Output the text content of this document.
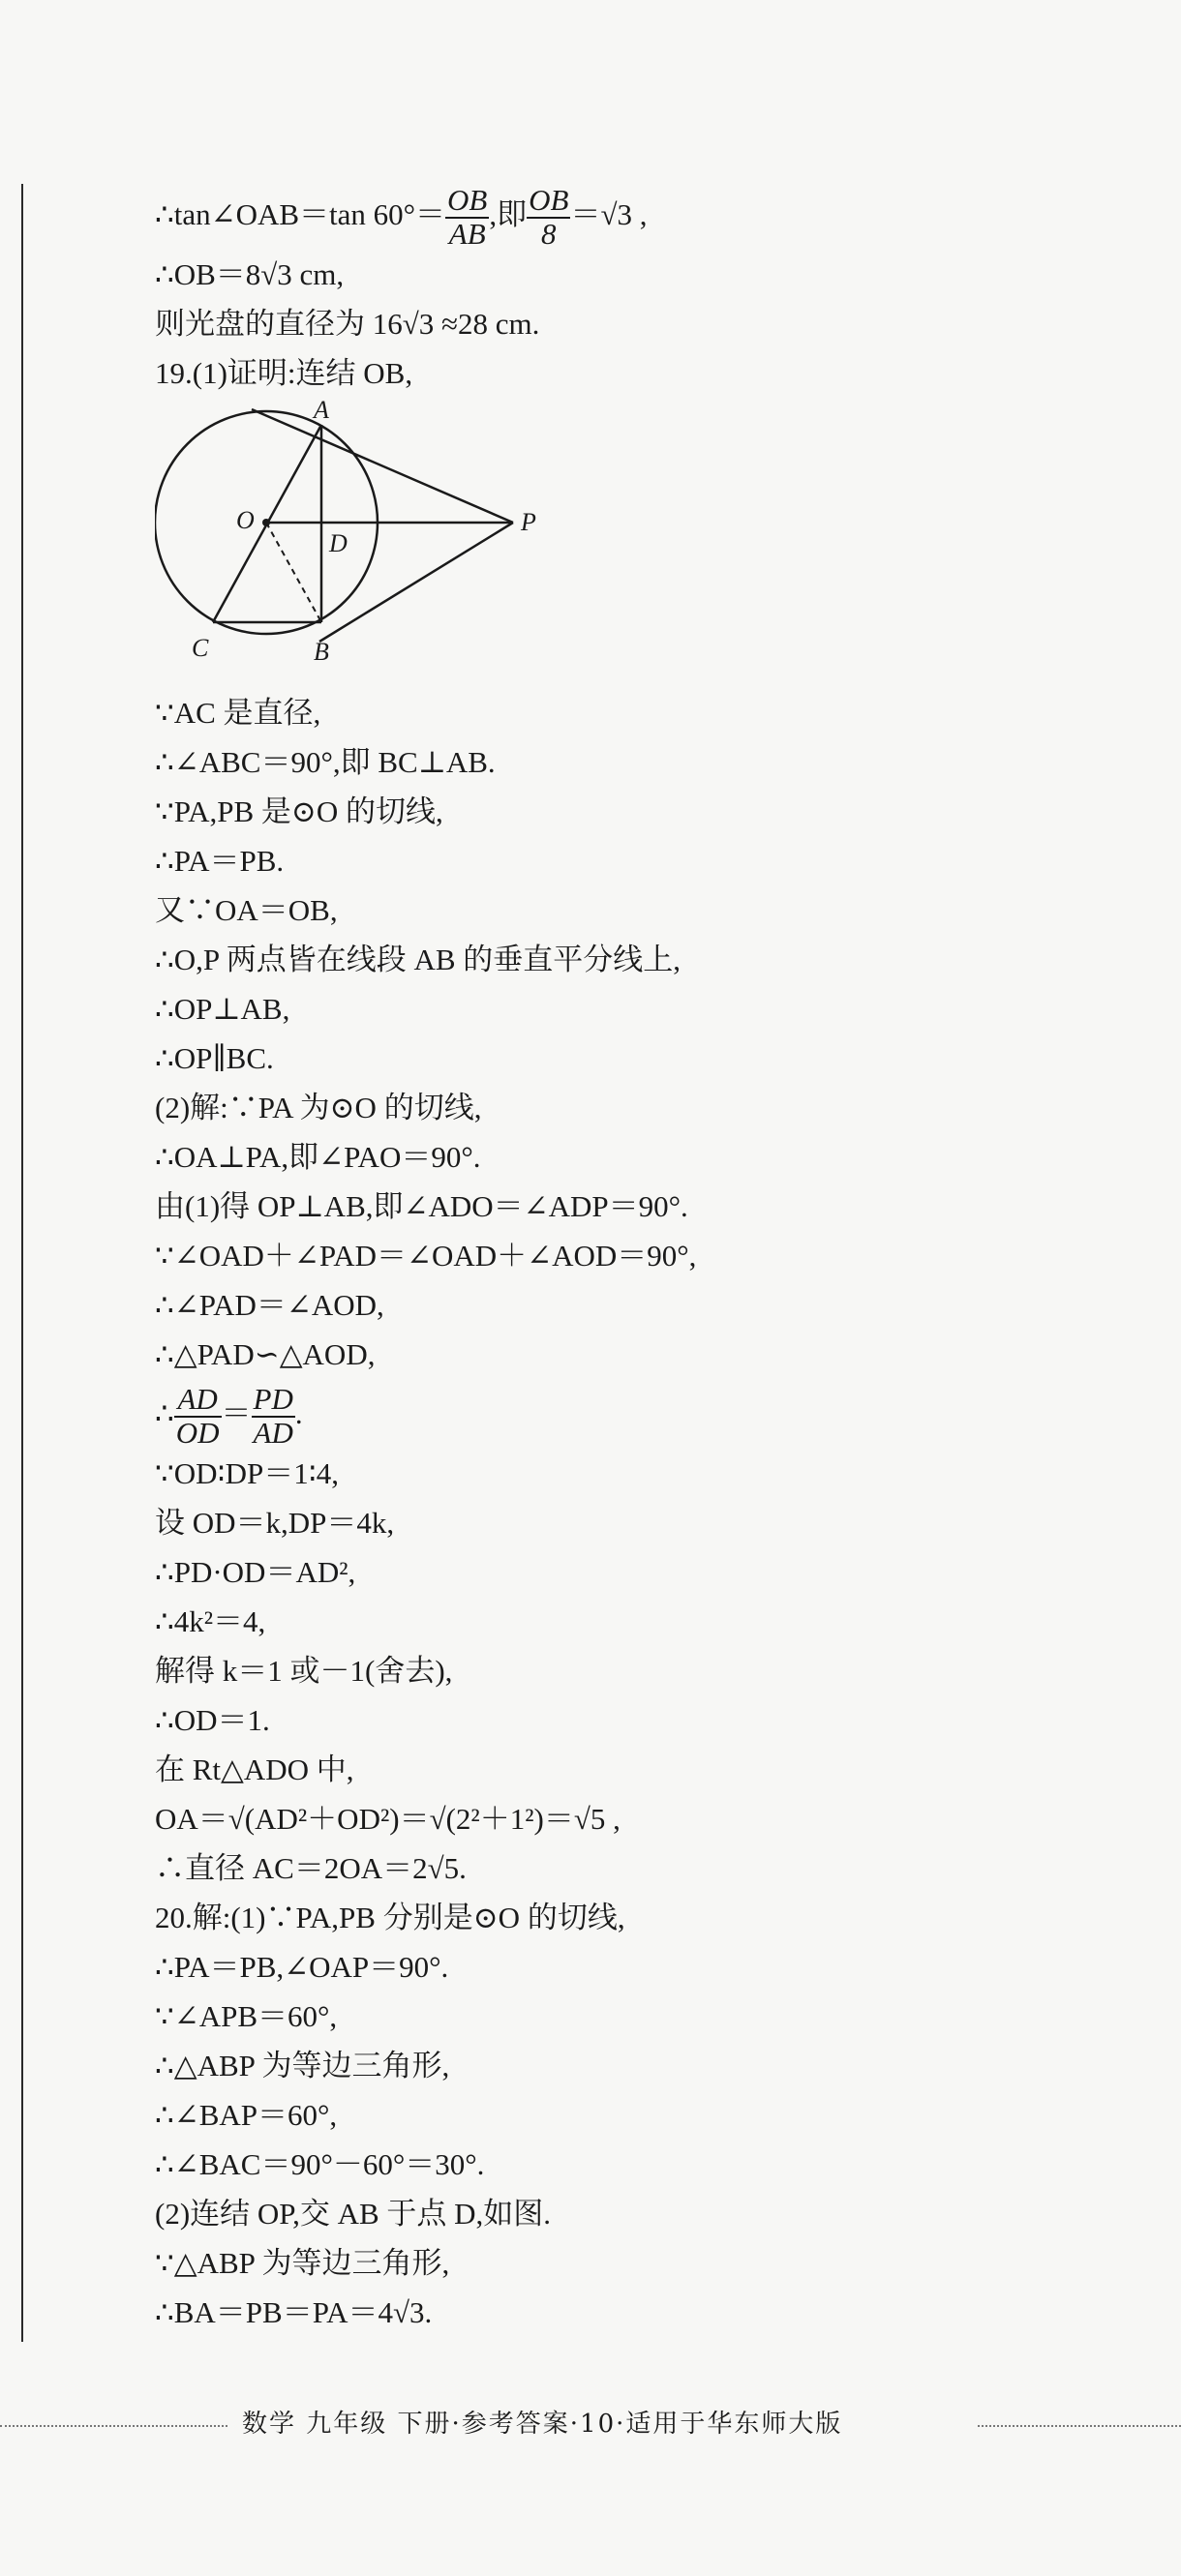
∴tan∠OAB＝tan $60^\circ= \frac{OB}{AB}$ ,即 $\frac{OB}{8} =√3$ ,
∴OB＝8√3 cm,
则光盘的直径为 16√3 ≈28 cm.
19.(1)证明:连结 OB,
A
O
D
P
C	B
∵AC 是直径,
∴∠ABC＝90°,即 BC⊥AB.
∵PA,PB 是⊙O 的切线,
∴PA＝PB.
又∵OA＝OB,
∴O,P 两点皆在线段 AB 的垂直平分线上,
∴OP⊥AB,
∴OP∥BC.
(2)解:∵PA 为⊙O 的切线,
∴OA⊥PA,即∠PAO＝90°.
由(1)得 OP⊥AB,即∠ADO＝∠ADP＝90°.
∵∠OAD＋∠PAD＝∠OAD＋∠AOD＝90°,
∴∠PAD＝∠AOD,
∴△PAD∽△AOD,
∴ $\frac{AD}{OD} = \frac{PD}{AD}$ .
∵OD∶DP＝1∶4,
设 OD＝k,DP＝4k,
∴PD·OD＝AD²,
∴4k²＝4,
解得 k＝1 或－1(舍去),
∴OD＝1.
在 Rt△ADO 中,
OA＝√(AD²＋OD²)＝√(2²＋1²)＝√5 ,
∴直径 AC＝2OA＝2√5.
20.解:(1)∵PA,PB 分别是⊙O 的切线,
∴PA＝PB,∠OAP＝90°.
∵∠APB＝60°,
∴△ABP 为等边三角形,
∴∠BAP＝60°,
∴∠BAC＝90°－60°＝30°.
(2)连结 OP,交 AB 于点 D,如图.
∵△ABP 为等边三角形,
∴BA＝PB＝PA＝4√3.
数学 九年级 下册·参考答案·10·适用于华东师大版
